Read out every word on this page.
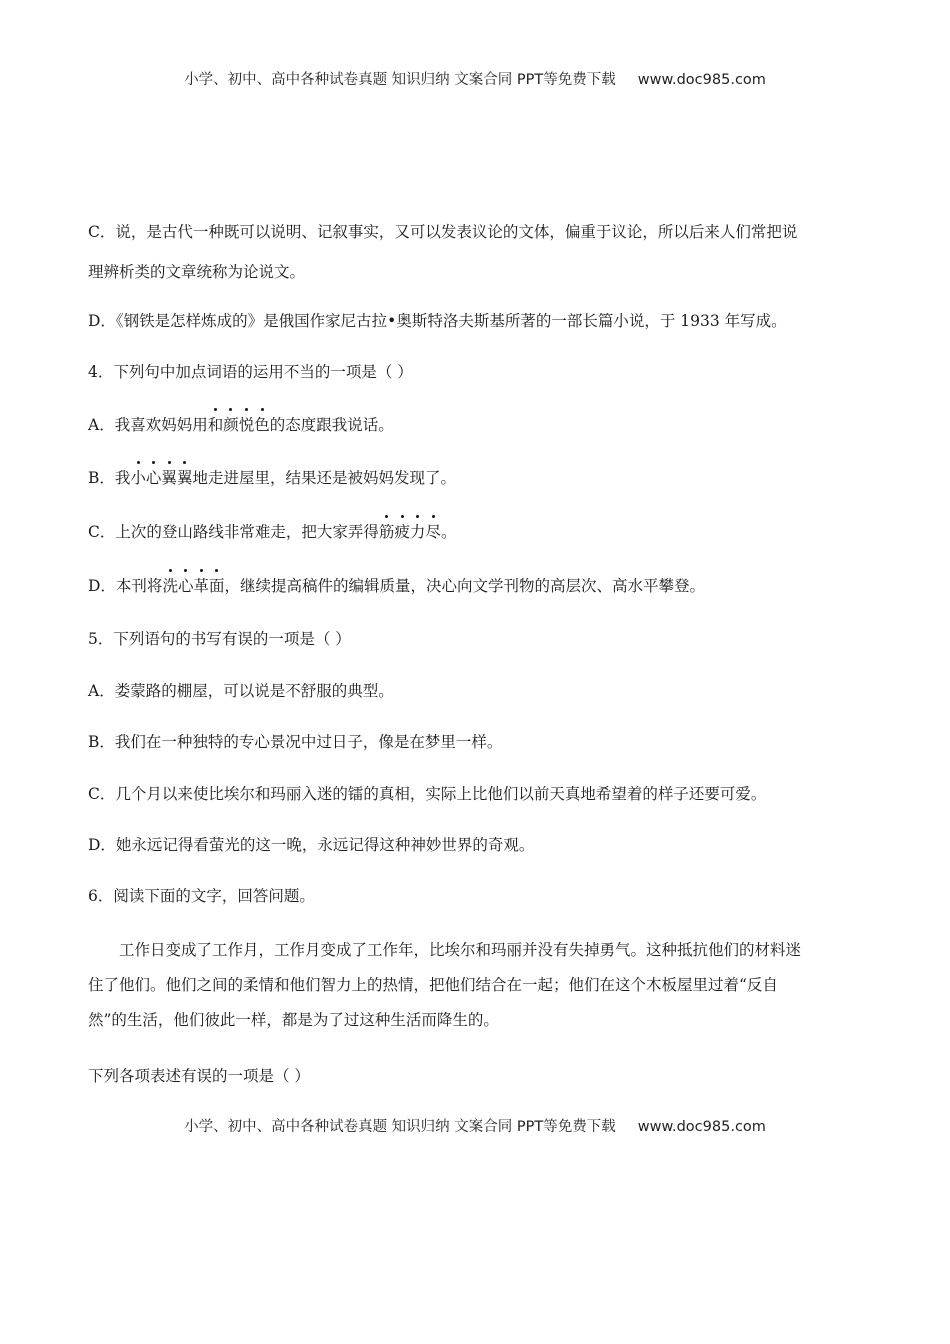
小学、初中、高中各种试卷真题 知识归纳 文案合同 PPT等免费下载 www.doc985.com
C．说，是古代一种既可以说明、记叙事实，又可以发表议论的文体，偏重于议论，所以后来人们常把说
理辨析类的文章统称为论说文。
D．《钢铁是怎样炼成的》是俄国作家尼古拉•奥斯特洛夫斯基所著的一部长篇小说，于 1933 年写成。
4．下列句中加点词语的运用不当的一项是（ ）
A．我喜欢妈妈用和颜悦色的态度跟我说话。
B．我小心翼翼地走进屋里，结果还是被妈妈发现了。
C．上次的登山路线非常难走，把大家弄得筋疲力尽。
D．本刊将洗心革面，继续提高稿件的编辑质量，决心向文学刊物的高层次、高水平攀登。
5．下列语句的书写有误的一项是（ ）
A．娄蒙路的棚屋，可以说是不舒服的典型。
B．我们在一种独特的专心景况中过日子，像是在梦里一样。
C．几个月以来使比埃尔和玛丽入迷的镭的真相，实际上比他们以前天真地希望着的样子还要可爱。
D．她永远记得看萤光的这一晚，永远记得这种神妙世界的奇观。
6．阅读下面的文字，回答问题。
工作日变成了工作月，工作月变成了工作年，比埃尔和玛丽并没有失掉勇气。这种抵抗他们的材料迷
住了他们。他们之间的柔情和他们智力上的热情，把他们结合在一起；他们在这个木板屋里过着“反自
然”的生活，他们彼此一样，都是为了过这种生活而降生的。
下列各项表述有误的一项是（ ）
小学、初中、高中各种试卷真题 知识归纳 文案合同 PPT等免费下载 www.doc985.com
